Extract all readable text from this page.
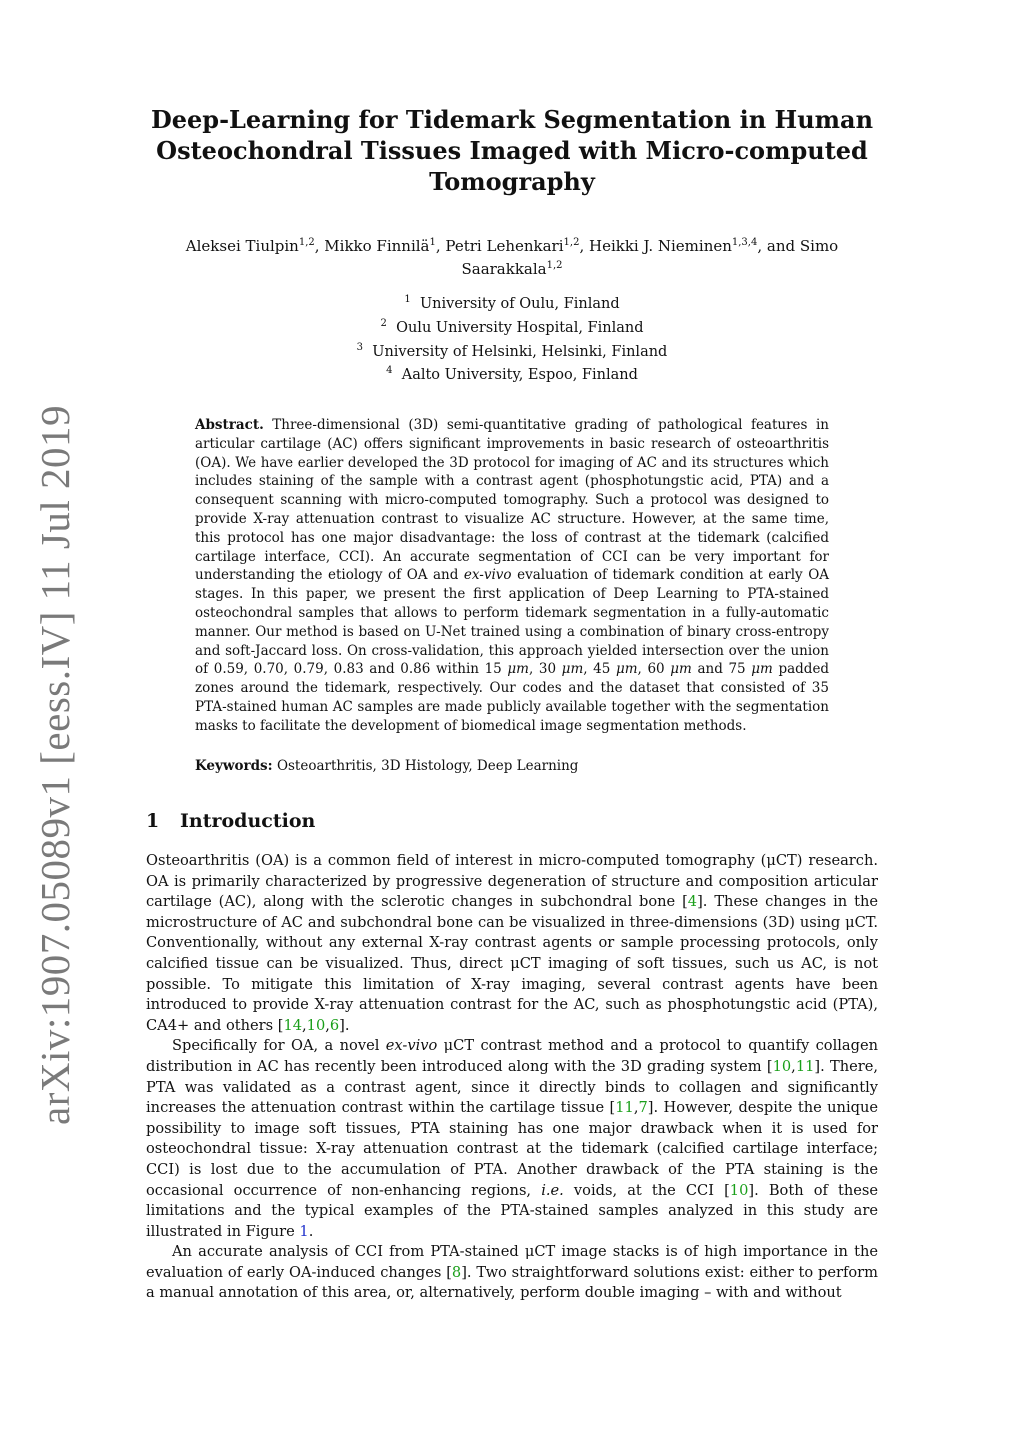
arXiv:1907.05089v1 [eess.IV] 11 Jul 2019
Deep-Learning for Tidemark Segmentation in Human Osteochondral Tissues Imaged with Micro-computed Tomography
Aleksei Tiulpin$^{1,2}$, Mikko Finnilä$^1$, Petri Lehenkari$^{1,2}$, Heikki J. Nieminen$^{1,3,4}$, and Simo Saarakkala$^{1,2}$
$^1$ University of Oulu, Finland
$^2$ Oulu University Hospital, Finland
$^3$ University of Helsinki, Helsinki, Finland
$^4$ Aalto University, Espoo, Finland
Abstract. Three-dimensional (3D) semi-quantitative grading of pathological features in articular cartilage (AC) offers significant improvements in basic research of osteoarthritis (OA). We have earlier developed the 3D protocol for imaging of AC and its structures which includes staining of the sample with a contrast agent (phosphotungstic acid, PTA) and a consequent scanning with micro-computed tomography. Such a protocol was designed to provide X-ray attenuation contrast to visualize AC structure. However, at the same time, this protocol has one major disadvantage: the loss of contrast at the tidemark (calcified cartilage interface, CCI). An accurate segmentation of CCI can be very important for understanding the etiology of OA and ex-vivo evaluation of tidemark condition at early OA stages. In this paper, we present the first application of Deep Learning to PTA-stained osteochondral samples that allows to perform tidemark segmentation in a fully-automatic manner. Our method is based on U-Net trained using a combination of binary cross-entropy and soft-Jaccard loss. On cross-validation, this approach yielded intersection over the union of 0.59, 0.70, 0.79, 0.83 and 0.86 within 15 μm, 30 μm, 45 μm, 60 μm and 75 μm padded zones around the tidemark, respectively. Our codes and the dataset that consisted of 35 PTA-stained human AC samples are made publicly available together with the segmentation masks to facilitate the development of biomedical image segmentation methods.
Keywords: Osteoarthritis, 3D Histology, Deep Learning
1 Introduction

Osteoarthritis (OA) is a common field of interest in micro-computed tomography (μCT) research. OA is primarily characterized by progressive degeneration of structure and composition articular cartilage (AC), along with the sclerotic changes in subchondral bone [4]. These changes in the microstructure of AC and subchondral bone can be visualized in three-dimensions (3D) using μCT. Conventionally, without any external X-ray contrast agents or sample processing protocols, only calcified tissue can be visualized. Thus, direct μCT imaging of soft tissues, such us AC, is not possible. To mitigate this limitation of X-ray imaging, several contrast agents have been introduced to provide X-ray attenuation contrast for the AC, such as phosphotungstic acid (PTA), CA4+ and others [14,10,6].

Specifically for OA, a novel ex-vivo μCT contrast method and a protocol to quantify collagen distribution in AC has recently been introduced along with the 3D grading system [10,11]. There, PTA was validated as a contrast agent, since it directly binds to collagen and significantly increases the attenuation contrast within the cartilage tissue [11,7]. However, despite the unique possibility to image soft tissues, PTA staining has one major drawback when it is used for osteochondral tissue: X-ray attenuation contrast at the tidemark (calcified cartilage interface; CCI) is lost due to the accumulation of PTA. Another drawback of the PTA staining is the occasional occurrence of non-enhancing regions, i.e. voids, at the CCI [10]. Both of these limitations and the typical examples of the PTA-stained samples analyzed in this study are illustrated in Figure 1.

An accurate analysis of CCI from PTA-stained μCT image stacks is of high importance in the evaluation of early OA-induced changes [8]. Two straightforward solutions exist: either to perform a manual annotation of this area, or, alternatively, perform double imaging – with and without
